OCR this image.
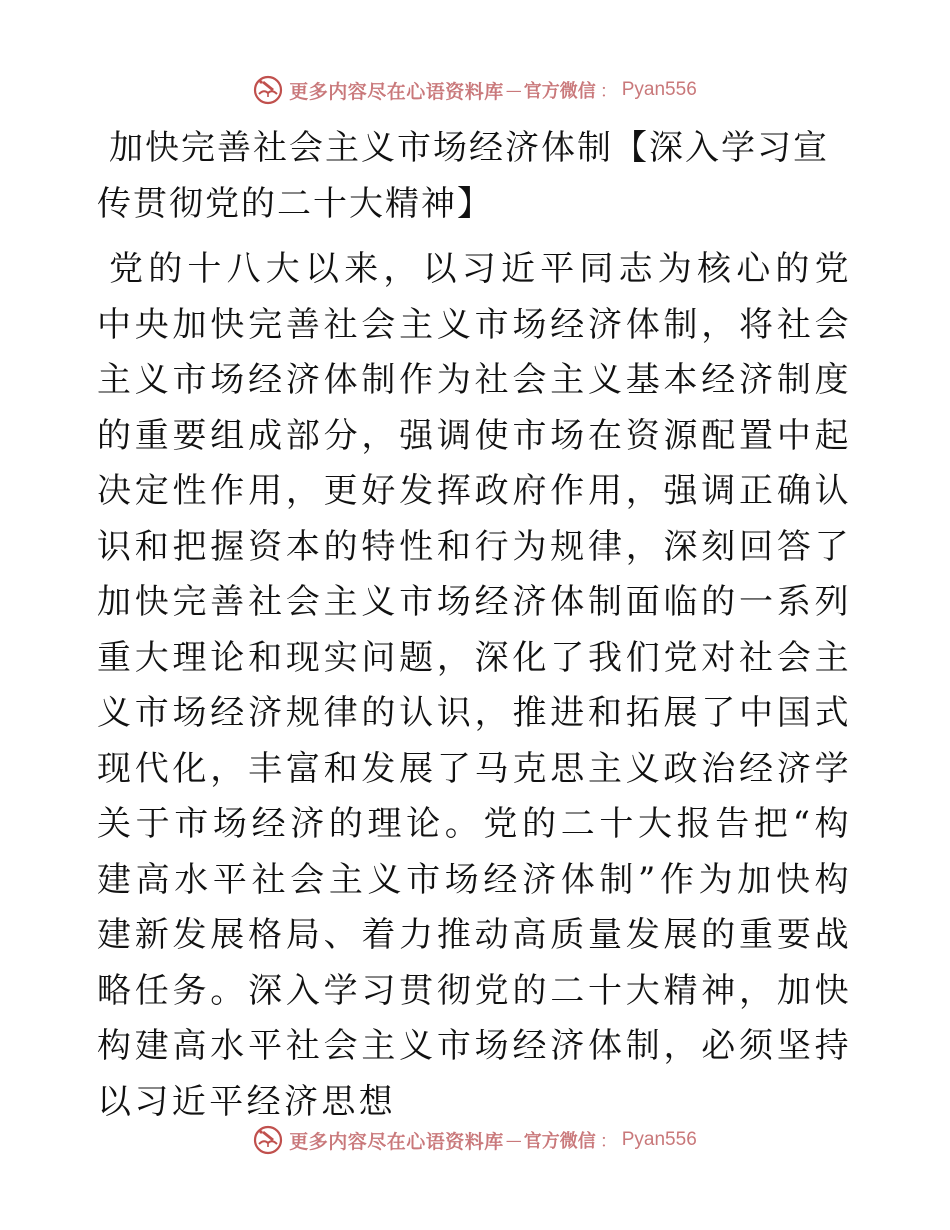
更多内容尽在心语资料库 — 官方微信 ： Pyan556
加快完善社会主义市场经济体制【深入学习宣传贯彻党的二十大精神】

党的十八大以来，以习近平同志为核心的党中央加快完善社会主义市场经济体制，将社会主义市场经济体制作为社会主义基本经济制度的重要组成部分，强调使市场在资源配置中起决定性作用，更好发挥政府作用，强调正确认识和把握资本的特性和行为规律，深刻回答了加快完善社会主义市场经济体制面临的一系列重大理论和现实问题，深化了我们党对社会主义市场经济规律的认识，推进和拓展了中国式现代化，丰富和发展了马克思主义政治经济学关于市场经济的理论。党的二十大报告把“构建高水平社会主义市场经济体制”作为加快构建新发展格局、着力推动高质量发展的重要战略任务。深入学习贯彻党的二十大精神，加快构建高水平社会主义市场经济体制，必须坚持以习近平经济思想

更多内容尽在心语资料库 — 官方微信 ： Pyan556
